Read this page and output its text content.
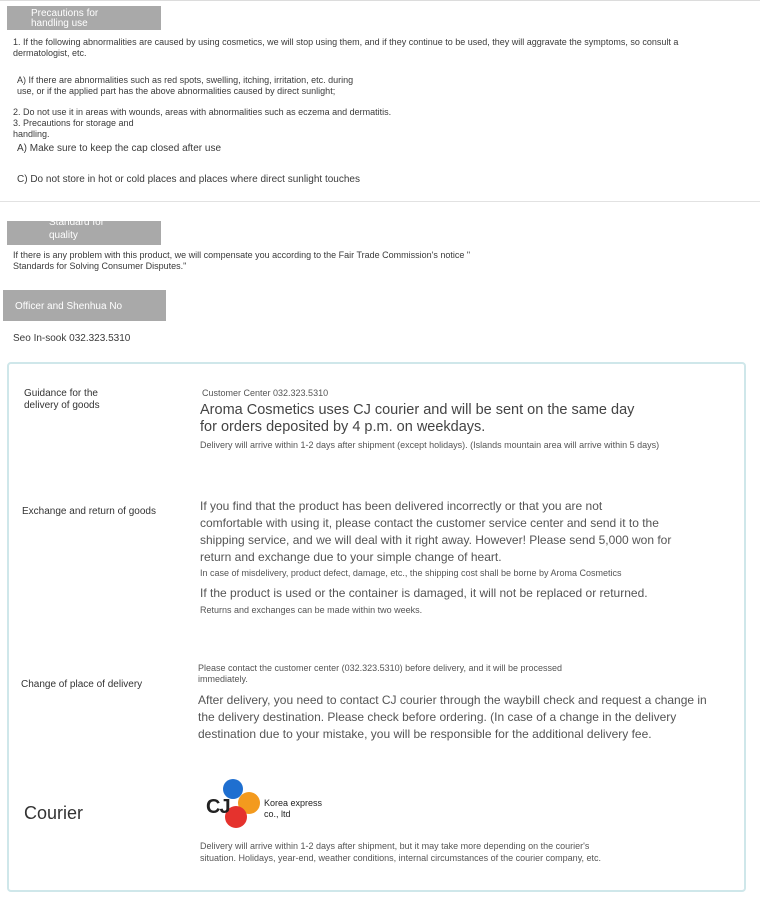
Precautions for
handling use
1. If the following abnormalities are caused by using cosmetics, we will stop using them, and if they continue to be used, they will aggravate the symptoms, so consult a
dermatologist, etc.
A) If there are abnormalities such as red spots, swelling, itching, irritation, etc. during
use, or if the applied part has the above abnormalities caused by direct sunlight;
2. Do not use it in areas with wounds, areas with abnormalities such as eczema and dermatitis.
3. Precautions for storage and
handling.
A) Make sure to keep the cap closed after use
C) Do not store in hot or cold places and places where direct sunlight touches
Standard for
quality
If there is any problem with this product, we will compensate you according to the Fair Trade Commission's notice "
Standards for Solving Consumer Disputes."
Officer and Shenhua No
Seo In-sook 032.323.5310
Guidance for the
delivery of goods
Customer Center 032.323.5310
Aroma Cosmetics uses CJ courier and will be sent on the same day
for orders deposited by 4 p.m. on weekdays.
Delivery will arrive within 1-2 days after shipment (except holidays). (Islands mountain area will arrive within 5 days)
Exchange and return of goods	If you find that the product has been delivered incorrectly or that you are not
comfortable with using it, please contact the customer service center and send it to the
shipping service, and we will deal with it right away. However! Please send 5,000 won for
return and exchange due to your simple change of heart.
In case of misdelivery, product defect, damage, etc., the shipping cost shall be borne by Aroma Cosmetics
If the product is used or the container is damaged, it will not be replaced or returned.
Returns and exchanges can be made within two weeks.
Change of place of delivery
Please contact the customer center (032.323.5310) before delivery, and it will be processed
immediately.
After delivery, you need to contact CJ courier through the waybill check and request a change in
the delivery destination. Please check before ordering. (In case of a change in the delivery
destination due to your mistake, you will be responsible for the additional delivery fee.
Courier	CJ	Korea express
co., ltd
Delivery will arrive within 1-2 days after shipment, but it may take more depending on the courier's
situation. Holidays, year-end, weather conditions, internal circumstances of the courier company, etc.
